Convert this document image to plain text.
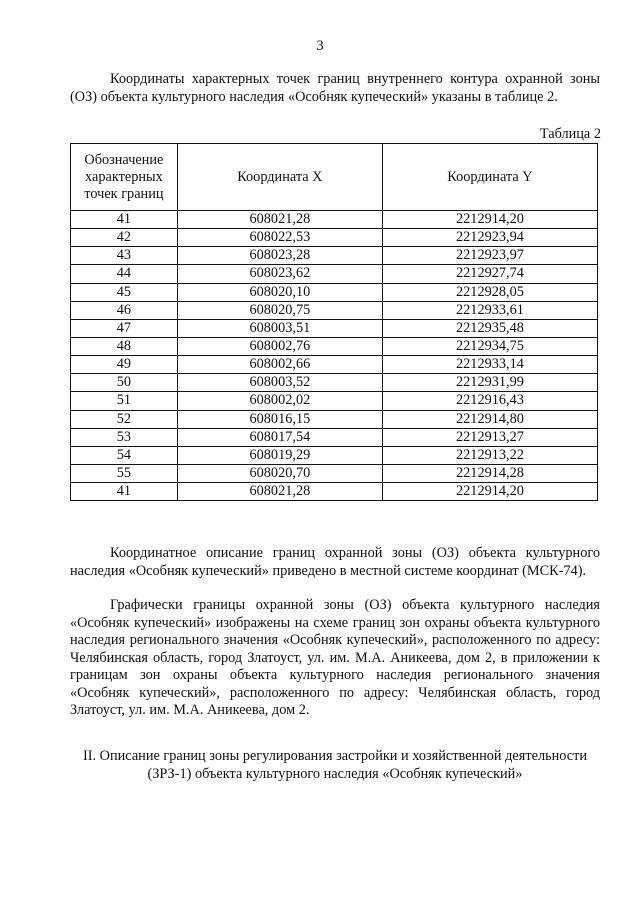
3
Координаты характерных точек границ внутреннего контура охранной зоны (ОЗ) объекта культурного наследия «Особняк купеческий» указаны в таблице 2.
Таблица 2
Обозначение характерных точек границ	Координата X	Координата Y
41	608021,28	2212914,20
42	608022,53	2212923,94
43	608023,28	2212923,97
44	608023,62	2212927,74
45	608020,10	2212928,05
46	608020,75	2212933,61
47	608003,51	2212935,48
48	608002,76	2212934,75
49	608002,66	2212933,14
50	608003,52	2212931,99
51	608002,02	2212916,43
52	608016,15	2212914,80
53	608017,54	2212913,27
54	608019,29	2212913,22
55	608020,70	2212914,28
41	608021,28	2212914,20
Координатное описание границ охранной зоны (ОЗ) объекта культурного наследия «Особняк купеческий» приведено в местной системе координат (МСК-74).
Графически границы охранной зоны (ОЗ) объекта культурного наследия «Особняк купеческий» изображены на схеме границ зон охраны объекта культурного наследия регионального значения «Особняк купеческий», расположенного по адресу: Челябинская область, город Златоуст, ул. им. М.А. Аникеева, дом 2, в приложении к границам зон охраны объекта культурного наследия регионального значения «Особняк купеческий», расположенного по адресу: Челябинская область, город Златоуст, ул. им. М.А. Аникеева, дом 2.
II. Описание границ зоны регулирования застройки и хозяйственной деятельности (ЗРЗ-1) объекта культурного наследия «Особняк купеческий»
